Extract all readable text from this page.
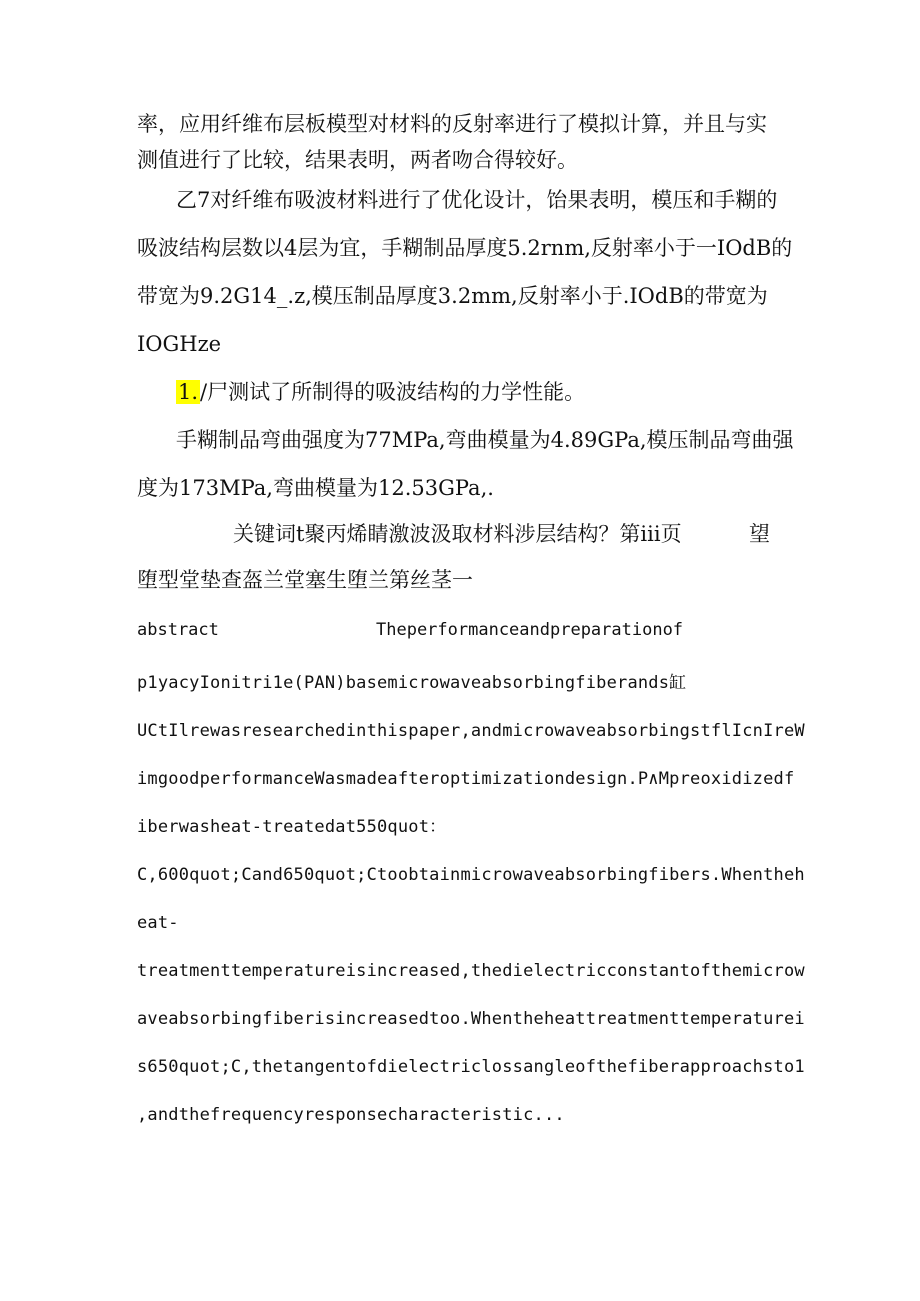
率，应用纤维布层板模型对材料的反射率进行了模拟计算，并且与实
测值进行了比较，结果表明，两者吻合得较好。
乙7对纤维布吸波材料进行了优化设计，饴果表明，模压和手糊的
吸波结构层数以4层为宜，手糊制品厚度5.2rnm,反射率小于一IOdB的
带宽为9.2G14_.z,模压制品厚度3.2mm,反射率小于.IOdB的带宽为
IOGHze
1./尸测试了所制得的吸波结构的力学性能。
手糊制品弯曲强度为77MPa,弯曲模量为4.89GPa,模压制品弯曲强
度为173MPa,弯曲模量为12.53GPa,.
关键词t聚丙烯睛激波汲取材料涉层结构？第iii页	望
堕型堂垫查盔兰堂塞生堕兰第丝茎一
abstract	Theperformanceandpreparationof
p1yacyIonitri1e(PAN)basemicrowaveabsorbingfiberands缸
UCtIlrewasresearchedinthispaper,andmicrowaveabsorbingstflIcnIreW
imgoodperformanceWasmadeafteroptimizationdesign.P∧Mpreoxidizedf
iberwasheat-treatedat550quot：
C,600quot;Cand650quot;Ctoobtainmicrowaveabsorbingfibers.Whentheh
eat-
treatmenttemperatureisincreased,thedielectricconstantofthemicrow
aveabsorbingfiberisincreasedtoo.Whentheheattreatmenttemperaturei
s650quot;C,thetangentofdielectriclossangleofthefiberapproachsto1
,andthefrequencyresponsecharacteristic...
